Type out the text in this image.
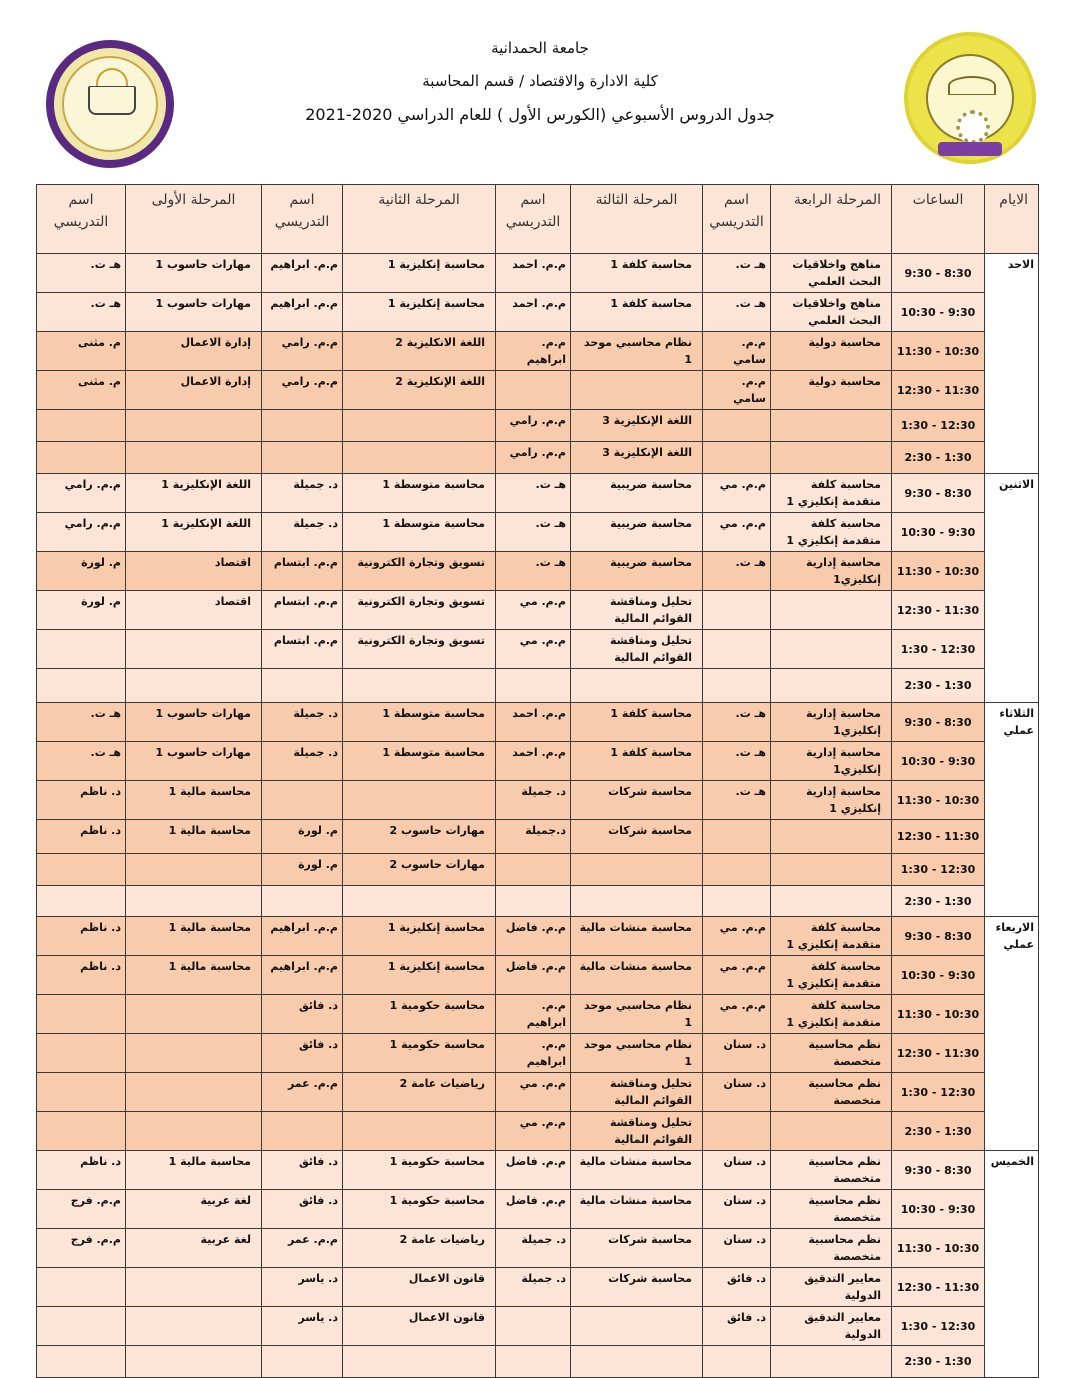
جامعة الحمدانية
كلية الادارة والاقتصاد / قسم المحاسبة
جدول الدروس الأسبوعي (الكورس الأول ) للعام الدراسي 2020-2021
الايام	الساعات	المرحلة الرابعة	اسم التدريسي	المرحلة الثالثة	اسم التدريسي	المرحلة الثانية	اسم التدريسي	المرحلة الأولى	اسم التدريسي
الاحد	8:30 - 9:30	مناهج واخلاقيات البحث العلمي	هـ ت.	محاسبة كلفة 1	م.م. احمد	محاسبة إنكليزية 1	م.م. ابراهيم	مهارات حاسوب 1	هـ ت.
	9:30 - 10:30	مناهج واخلاقيات البحث العلمي	هـ ت.	محاسبة كلفة 1	م.م. احمد	محاسبة إنكليزية 1	م.م. ابراهيم	مهارات حاسوب 1	هـ ت.
	10:30 - 11:30	محاسبة دولية	م.م. سامي	نظام محاسبي موحد 1	م.م. ابراهيم	اللغة الانكليزية 2	م.م. رامي	إدارة الاعمال	م. مثنى
	11:30 - 12:30	محاسبة دولية	م.م. سامي			اللغة الإنكليزية 2	م.م. رامي	إدارة الاعمال	م. مثنى
	12:30 - 1:30			اللغة الإنكليزية 3	م.م. رامي				
	1:30 - 2:30			اللغة الإنكليزية 3	م.م. رامي				
الاثنين	8:30 - 9:30	محاسبة كلفة متقدمة إنكليزي 1	م.م. مي	محاسبة ضريبية	هـ ت.	محاسبة متوسطة 1	د. جميلة	اللغة الإنكليزية 1	م.م. رامي
	9:30 - 10:30	محاسبة كلفة متقدمة إنكليزي 1	م.م. مي	محاسبة ضريبية	هـ ت.	محاسبة متوسطة 1	د. جميلة	اللغة الإنكليزية 1	م.م. رامي
	10:30 - 11:30	محاسبة إدارية إنكليزي1	هـ ت.	محاسبة ضريبية	هـ ت.	تسويق وتجارة الكترونية	م.م. ابتسام	اقتصاد	م. لورة
	11:30 - 12:30			تحليل ومناقشة القوائم المالية	م.م. مي	تسويق وتجارة الكترونية	م.م. ابتسام	اقتصاد	م. لورة
	12:30 - 1:30			تحليل ومناقشة القوائم المالية	م.م. مي	تسويق وتجارة الكترونية	م.م. ابتسام		
	1:30 - 2:30								
الثلاثاء عملي	8:30 - 9:30	محاسبة إدارية إنكليزي1	هـ ت.	محاسبة كلفة 1	م.م. احمد	محاسبة متوسطة 1	د. جميلة	مهارات حاسوب 1	هـ ت.
	9:30 - 10:30	محاسبة إدارية إنكليزي1	هـ ت.	محاسبة كلفة 1	م.م. احمد	محاسبة متوسطة 1	د. جميلة	مهارات حاسوب 1	هـ ت.
	10:30 - 11:30	محاسبة إدارية إنكليزي 1	هـ ت.	محاسبة شركات	د. جميلة			محاسبة مالية 1	د. ناظم
	11:30 - 12:30			محاسبة شركات	د.جميلة	مهارات حاسوب 2	م. لورة	محاسبة مالية 1	د. ناظم
	12:30 - 1:30					مهارات حاسوب 2	م. لورة		
	1:30 - 2:30								
الاربعاء عملي	8:30 - 9:30	محاسبة كلفة متقدمة إنكليزي 1	م.م. مي	محاسبة منشات مالية	م.م. فاضل	محاسبة إنكليزية 1	م.م. ابراهيم	محاسبة مالية 1	د. ناظم
	9:30 - 10:30	محاسبة كلفة متقدمة إنكليزي 1	م.م. مي	محاسبة منشات مالية	م.م. فاضل	محاسبة إنكليزية 1	م.م. ابراهيم	محاسبة مالية 1	د. ناظم
	10:30 - 11:30	محاسبة كلفة متقدمة إنكليزي 1	م.م. مي	نظام محاسبي موحد 1	م.م. ابراهيم	محاسبة حكومية 1	د. فائق		
	11:30 - 12:30	نظم محاسبية متخصصة	د. سنان	نظام محاسبي موحد 1	م.م. ابراهيم	محاسبة حكومية 1	د. فائق		
	12:30 - 1:30	نظم محاسبية متخصصة	د. سنان	تحليل ومناقشة القوائم المالية	م.م. مي	رياضيات عامة 2	م.م. عمر		
	1:30 - 2:30			تحليل ومناقشة القوائم المالية	م.م. مي				
الخميس	8:30 - 9:30	نظم محاسبية متخصصة	د. سنان	محاسبة منشات مالية	م.م. فاضل	محاسبة حكومية 1	د. فائق	محاسبة مالية 1	د. ناظم
	9:30 - 10:30	نظم محاسبية متخصصة	د. سنان	محاسبة منشات مالية	م.م. فاضل	محاسبة حكومية 1	د. فائق	لغة عربية	م.م. فرج
	10:30 - 11:30	نظم محاسبية متخصصة	د. سنان	محاسبة شركات	د. جميلة	رياضيات عامة 2	م.م. عمر	لغة عربية	م.م. فرج
	11:30 - 12:30	معايير التدقيق الدولية	د. فائق	محاسبة شركات	د. جميلة	قانون الاعمال	د. ياسر		
	12:30 - 1:30	معايير التدقيق الدولية	د. فائق			قانون الاعمال	د. ياسر		
	1:30 - 2:30								
